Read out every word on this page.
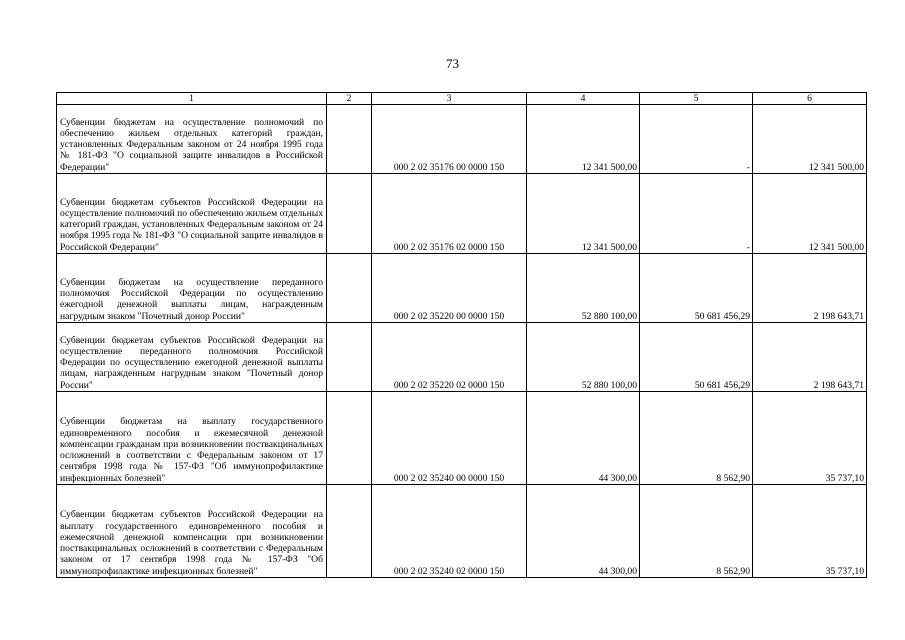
73
1	2	3	4	5	6

Субвенции бюджетам на осуществление полномочий по обеспечению жильем отдельных категорий граждан, установленных Федеральным законом от 24 ноября 1995 года № 181-ФЗ "О социальной защите инвалидов в Российской Федерации"		000 2 02 35176 00 0000 150	12 341 500,00	-	12 341 500,00

Субвенции бюджетам субъектов Российской Федерации на осуществление полномочий по обеспечению жильем отдельных категорий граждан, установленных Федеральным законом от 24 ноября 1995 года № 181-ФЗ "О социальной защите инвалидов в Российской Федерации"		000 2 02 35176 02 0000 150	12 341 500,00	-	12 341 500,00

Субвенции бюджетам на осуществление переданного полномочия Российской Федерации по осуществлению ежегодной денежной выплаты лицам, награжденным нагрудным знаком "Почетный донор России"		000 2 02 35220 00 0000 150	52 880 100,00	50 681 456,29	2 198 643,71

Субвенции бюджетам субъектов Российской Федерации на осуществление переданного полномочия Российской Федерации по осуществлению ежегодной денежной выплаты лицам, награжденным нагрудным знаком "Почетный донор России"		000 2 02 35220 02 0000 150	52 880 100,00	50 681 456,29	2 198 643,71

Субвенции бюджетам на выплату государственного единовременного пособия и ежемесячной денежной компенсации гражданам при возникновении поствакцинальных осложнений в соответствии с Федеральным законом от 17 сентября 1998 года № 157-ФЗ "Об иммунопрофилактике инфекционных болезней"		000 2 02 35240 00 0000 150	44 300,00	8 562,90	35 737,10

Субвенции бюджетам субъектов Российской Федерации на выплату государственного единовременного пособия и ежемесячной денежной компенсации при возникновении поствакцинальных осложнений в соответствии с Федеральным законом от 17 сентября 1998 года № 157-ФЗ "Об иммунопрофилактике инфекционных болезней"		000 2 02 35240 02 0000 150	44 300,00	8 562,90	35 737,10
